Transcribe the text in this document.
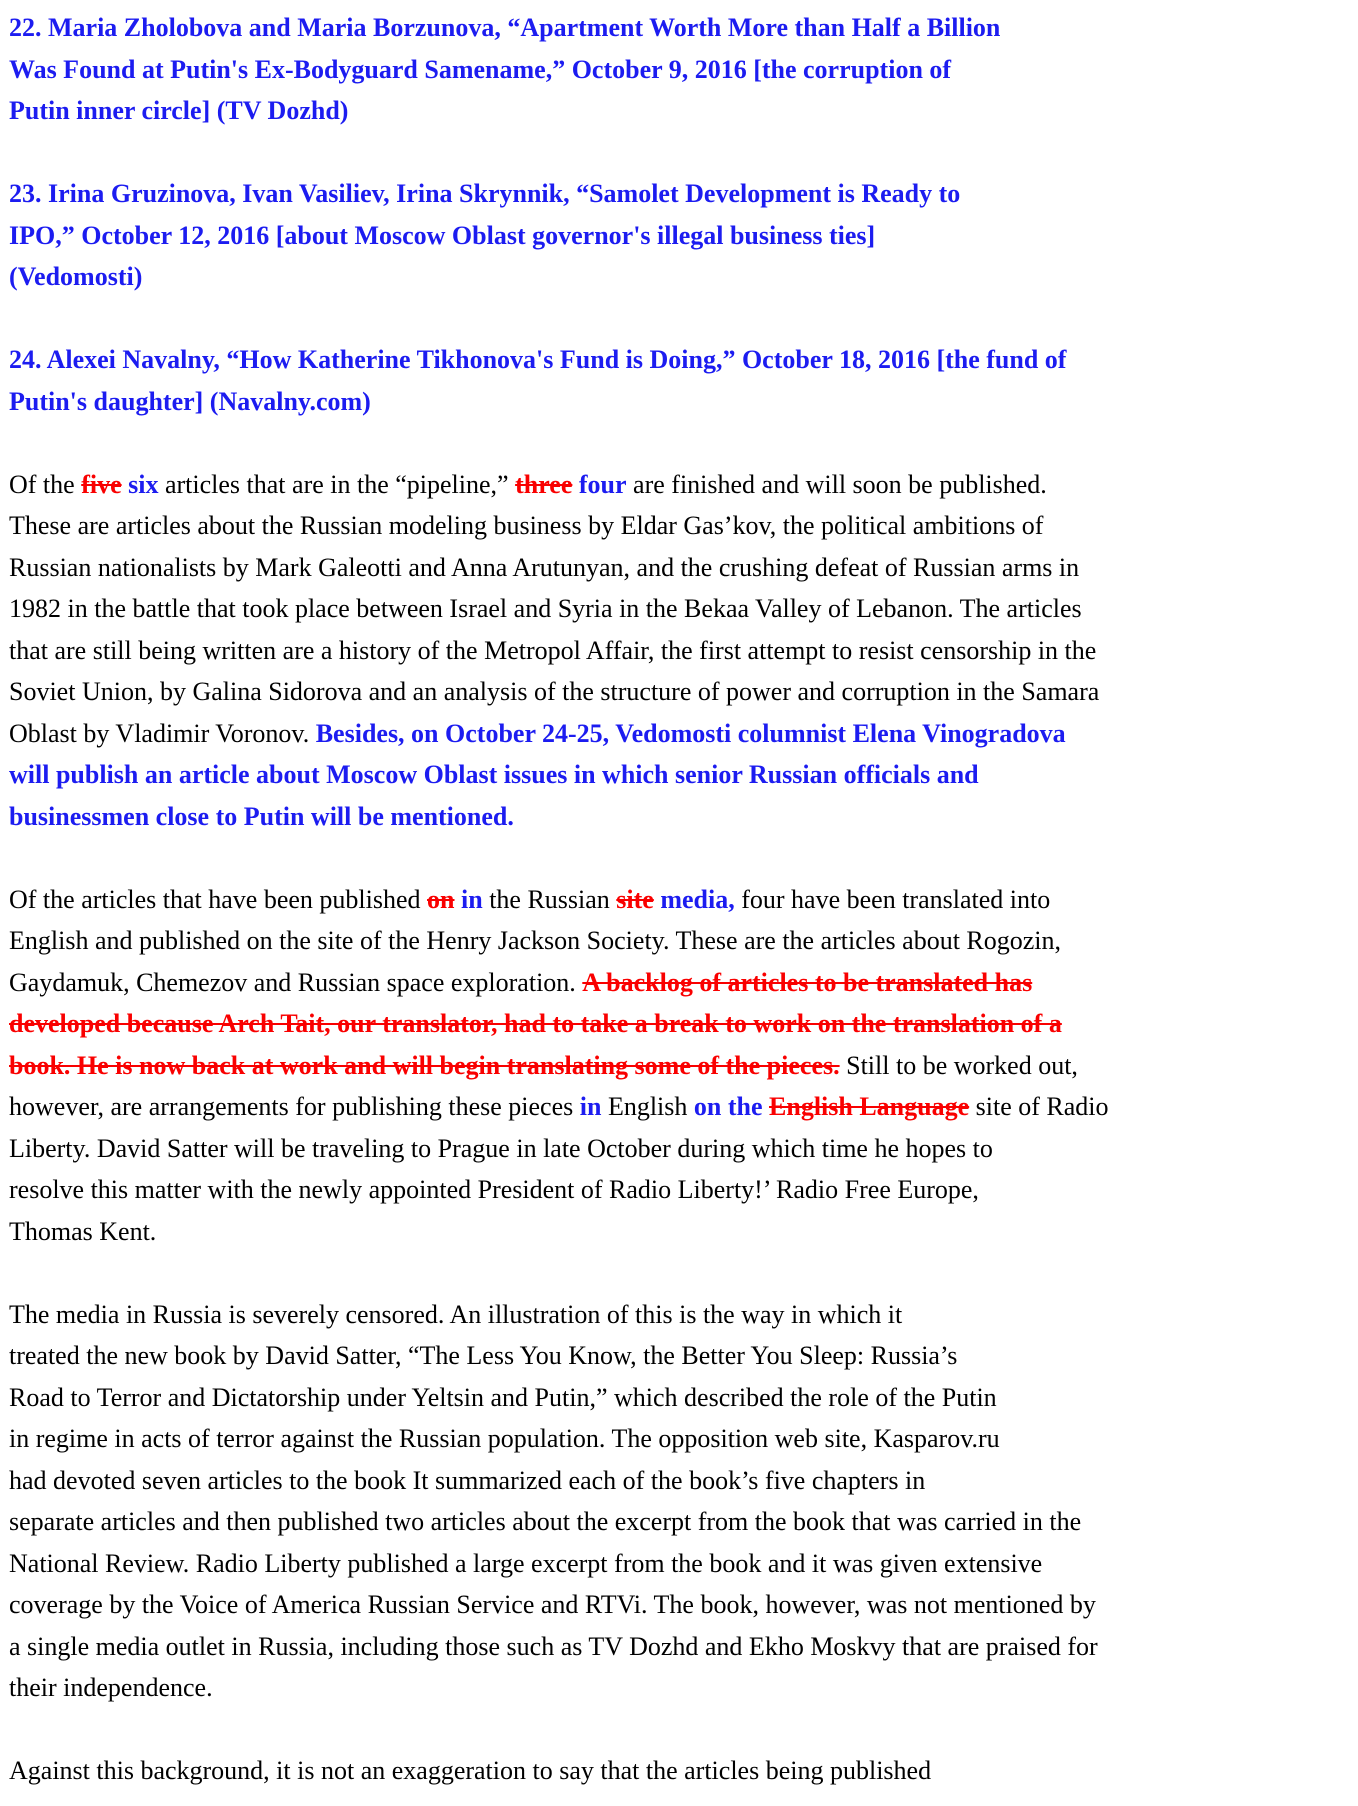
22. Maria Zholobova and Maria Borzunova, “Apartment Worth More than Half a Billion
Was Found at Putin's Ex-Bodyguard Samename,” October 9, 2016 [the corruption of
Putin inner circle] (TV Dozhd)
23. Irina Gruzinova, Ivan Vasiliev, Irina Skrynnik, “Samolet Development is Ready to
IPO,” October 12, 2016 [about Moscow Oblast governor's illegal business ties]
(Vedomosti)
24. Alexei Navalny, “How Katherine Tikhonova's Fund is Doing,” October 18, 2016 [the fund of
Putin's daughter] (Navalny.com)
Of the five six articles that are in the “pipeline,” three four are finished and will soon be published.
These are articles about the Russian modeling business by Eldar Gas’kov, the political ambitions of
Russian nationalists by Mark Galeotti and Anna Arutunyan, and the crushing defeat of Russian arms in
1982 in the battle that took place between Israel and Syria in the Bekaa Valley of Lebanon. The articles
that are still being written are a history of the Metropol Affair, the first attempt to resist censorship in the
Soviet Union, by Galina Sidorova and an analysis of the structure of power and corruption in the Samara
Oblast by Vladimir Voronov. Besides, on October 24-25, Vedomosti columnist Elena Vinogradova
will publish an article about Moscow Oblast issues in which senior Russian officials and
businessmen close to Putin will be mentioned.
Of the articles that have been published on in the Russian site media, four have been translated into
English and published on the site of the Henry Jackson Society. These are the articles about Rogozin,
Gaydamuk, Chemezov and Russian space exploration. A backlog of articles to be translated has
developed because Arch Tait, our translator, had to take a break to work on the translation of a
book. He is now back at work and will begin translating some of the pieces. Still to be worked out,
however, are arrangements for publishing these pieces in English on the English Language site of Radio
Liberty. David Satter will be traveling to Prague in late October during which time he hopes to
resolve this matter with the newly appointed President of Radio Liberty!’ Radio Free Europe,
Thomas Kent.
The media in Russia is severely censored. An illustration of this is the way in which it
treated the new book by David Satter, “The Less You Know, the Better You Sleep: Russia’s
Road to Terror and Dictatorship under Yeltsin and Putin,” which described the role of the Putin
in regime in acts of terror against the Russian population. The opposition web site, Kasparov.ru
had devoted seven articles to the book It summarized each of the book’s five chapters in
separate articles and then published two articles about the excerpt from the book that was carried in the
National Review. Radio Liberty published a large excerpt from the book and it was given extensive
coverage by the Voice of America Russian Service and RTVi. The book, however, was not mentioned by
a single media outlet in Russia, including those such as TV Dozhd and Ekho Moskvy that are praised for
their independence.
Against this background, it is not an exaggeration to say that the articles being published
